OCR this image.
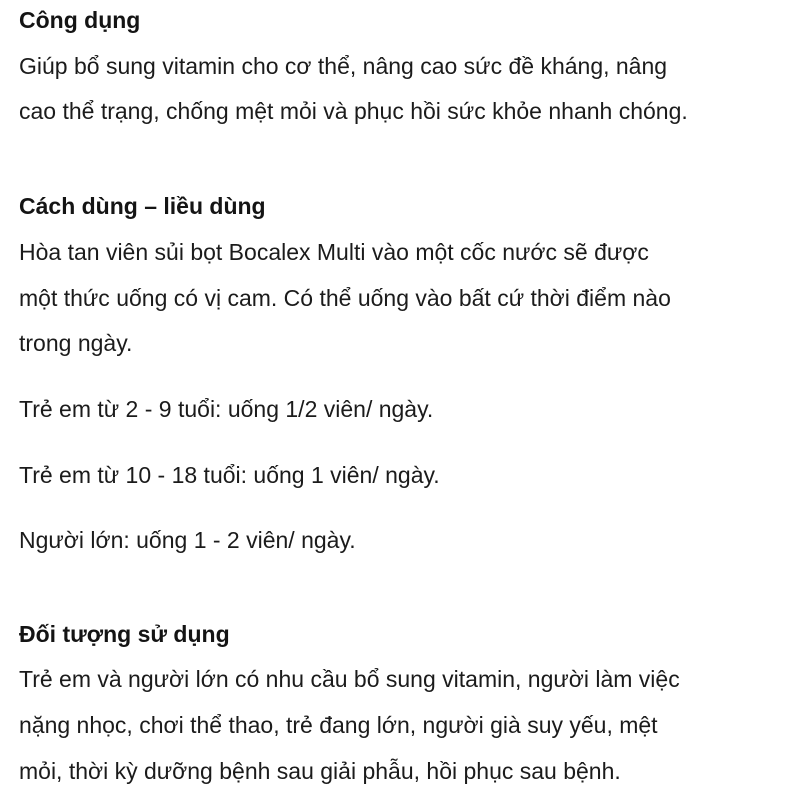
Công dụng
Giúp bổ sung vitamin cho cơ thể, nâng cao sức đề kháng, nâng
cao thể trạng, chống mệt mỏi và phục hồi sức khỏe nhanh chóng.
Cách dùng – liều dùng
Hòa tan viên sủi bọt Bocalex Multi vào một cốc nước sẽ được
một thức uống có vị cam. Có thể uống vào bất cứ thời điểm nào
trong ngày.
Trẻ em từ 2 - 9 tuổi: uống 1/2 viên/ ngày.
Trẻ em từ 10 - 18 tuổi: uống 1 viên/ ngày.
Người lớn: uống 1 - 2 viên/ ngày.
Đối tượng sử dụng
Trẻ em và người lớn có nhu cầu bổ sung vitamin, người làm việc
nặng nhọc, chơi thể thao, trẻ đang lớn, người già suy yếu, mệt
mỏi, thời kỳ dưỡng bệnh sau giải phẫu, hồi phục sau bệnh.
